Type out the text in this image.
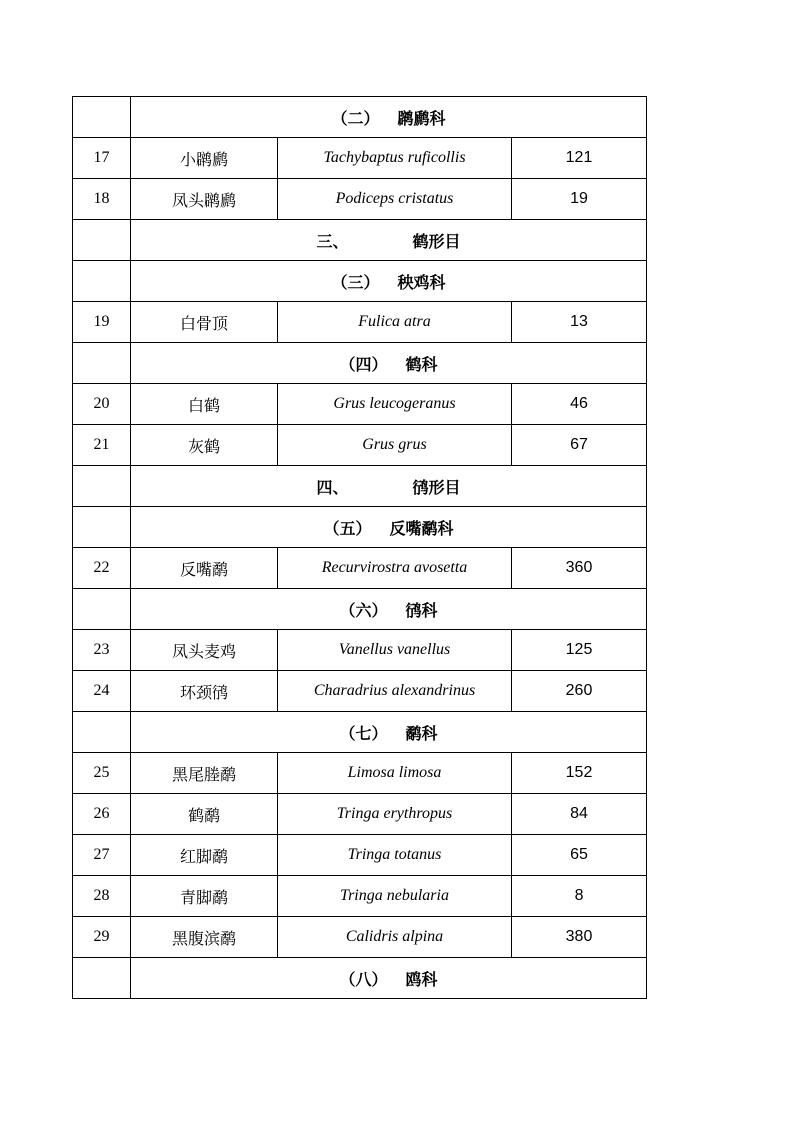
	（二） 䴙䴘科		
17	小䴙䴘	Tachybaptus ruficollis	121
18	凤头䴙䴘	Podiceps cristatus	19
	三、 鹤形目		
	（三） 秧鸡科		
19	白骨顶	Fulica atra	13
	（四） 鹤科		
20	白鹤	Grus leucogeranus	46
21	灰鹤	Grus grus	67
	四、 鸻形目		
	（五） 反嘴鹬科		
22	反嘴鹬	Recurvirostra avosetta	360
	（六） 鸻科		
23	凤头麦鸡	Vanellus vanellus	125
24	环颈鸻	Charadrius alexandrinus	260
	（七） 鹬科		
25	黑尾塍鹬	Limosa limosa	152
26	鹤鹬	Tringa erythropus	84
27	红脚鹬	Tringa totanus	65
28	青脚鹬	Tringa nebularia	8
29	黑腹滨鹬	Calidris alpina	380
	（八） 鸥科		
